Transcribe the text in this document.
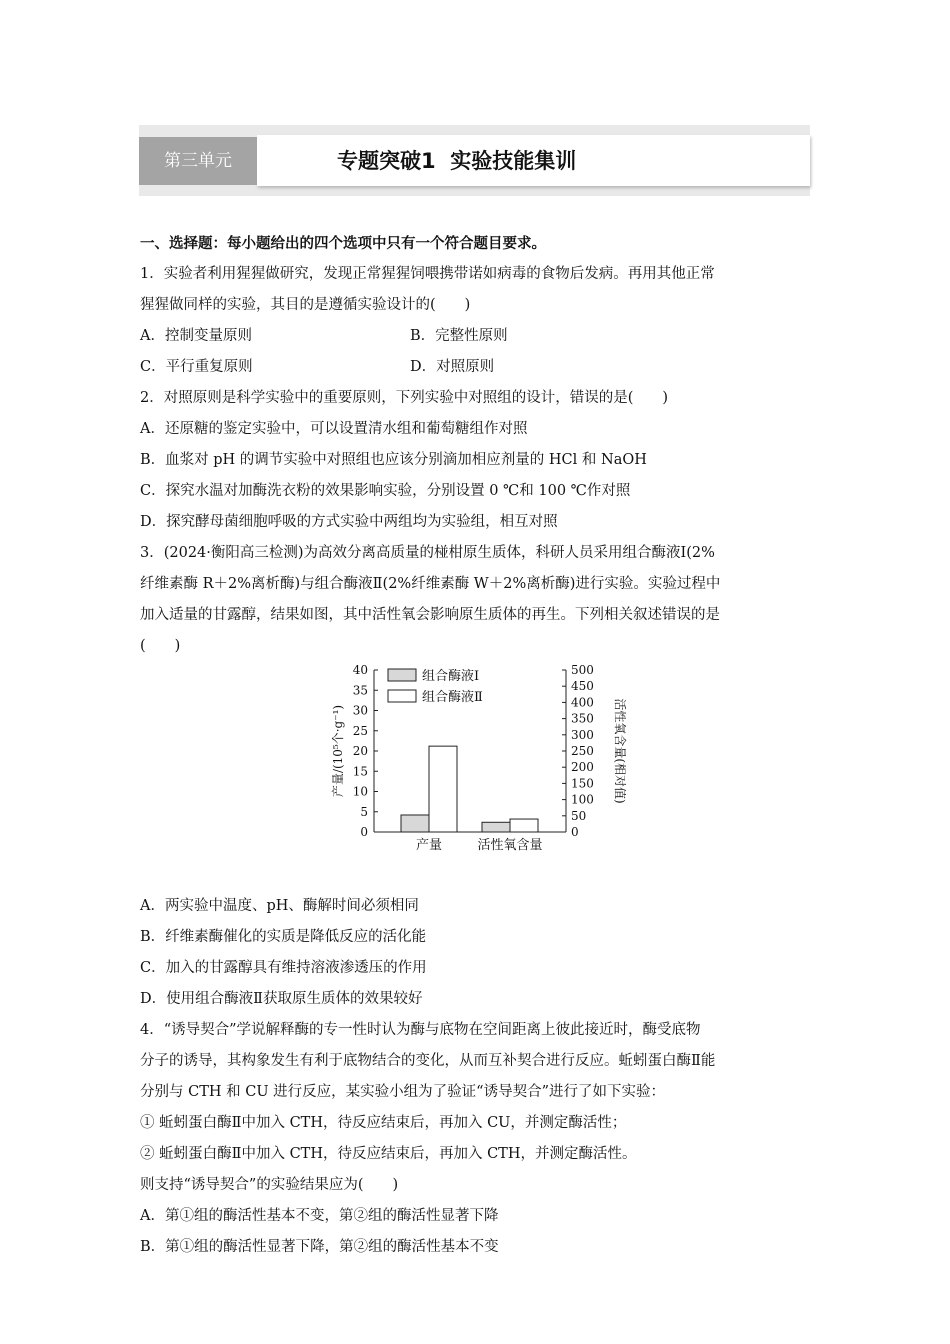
第三单元	专题突破1  实验技能集训
一、选择题：每小题给出的四个选项中只有一个符合题目要求。
1．实验者利用猩猩做研究，发现正常猩猩饲喂携带诺如病毒的食物后发病。再用其他正常
猩猩做同样的实验，其目的是遵循实验设计的(　　)
A．控制变量原则	B．完整性原则
C．平行重复原则	D．对照原则
2．对照原则是科学实验中的重要原则，下列实验中对照组的设计，错误的是(　　)
A．还原糖的鉴定实验中，可以设置清水组和葡萄糖组作对照
B．血浆对 pH 的调节实验中对照组也应该分别滴加相应剂量的 HCl 和 NaOH
C．探究水温对加酶洗衣粉的效果影响实验，分别设置 0 ℃和 100 ℃作对照
D．探究酵母菌细胞呼吸的方式实验中两组均为实验组，相互对照
3．(2024·衡阳高三检测)为高效分离高质量的椪柑原生质体，科研人员采用组合酶液Ⅰ(2%
纤维素酶 R＋2%离析酶)与组合酶液Ⅱ(2%纤维素酶 W＋2%离析酶)进行实验。实验过程中
加入适量的甘露醇，结果如图，其中活性氧会影响原生质体的再生。下列相关叙述错误的是
(　　)
0
5
10
15
20
25
30
35
40
0
50
100
150
200
250
300
350
400
450
500
产量	活性氧含量
组合酶液Ⅰ
组合酶液Ⅱ
产量/(10⁵个·g⁻¹)	活性氧含量(相对值)
A．两实验中温度、pH、酶解时间必须相同
B．纤维素酶催化的实质是降低反应的活化能
C．加入的甘露醇具有维持溶液渗透压的作用
D．使用组合酶液Ⅱ获取原生质体的效果较好
4．“诱导契合”学说解释酶的专一性时认为酶与底物在空间距离上彼此接近时，酶受底物
分子的诱导，其构象发生有利于底物结合的变化，从而互补契合进行反应。蚯蚓蛋白酶Ⅱ能
分别与 CTH 和 CU 进行反应，某实验小组为了验证“诱导契合”进行了如下实验：
① 蚯蚓蛋白酶Ⅱ中加入 CTH，待反应结束后，再加入 CU，并测定酶活性；
② 蚯蚓蛋白酶Ⅱ中加入 CTH，待反应结束后，再加入 CTH，并测定酶活性。
则支持“诱导契合”的实验结果应为(　　)
A．第①组的酶活性基本不变，第②组的酶活性显著下降
B．第①组的酶活性显著下降，第②组的酶活性基本不变
